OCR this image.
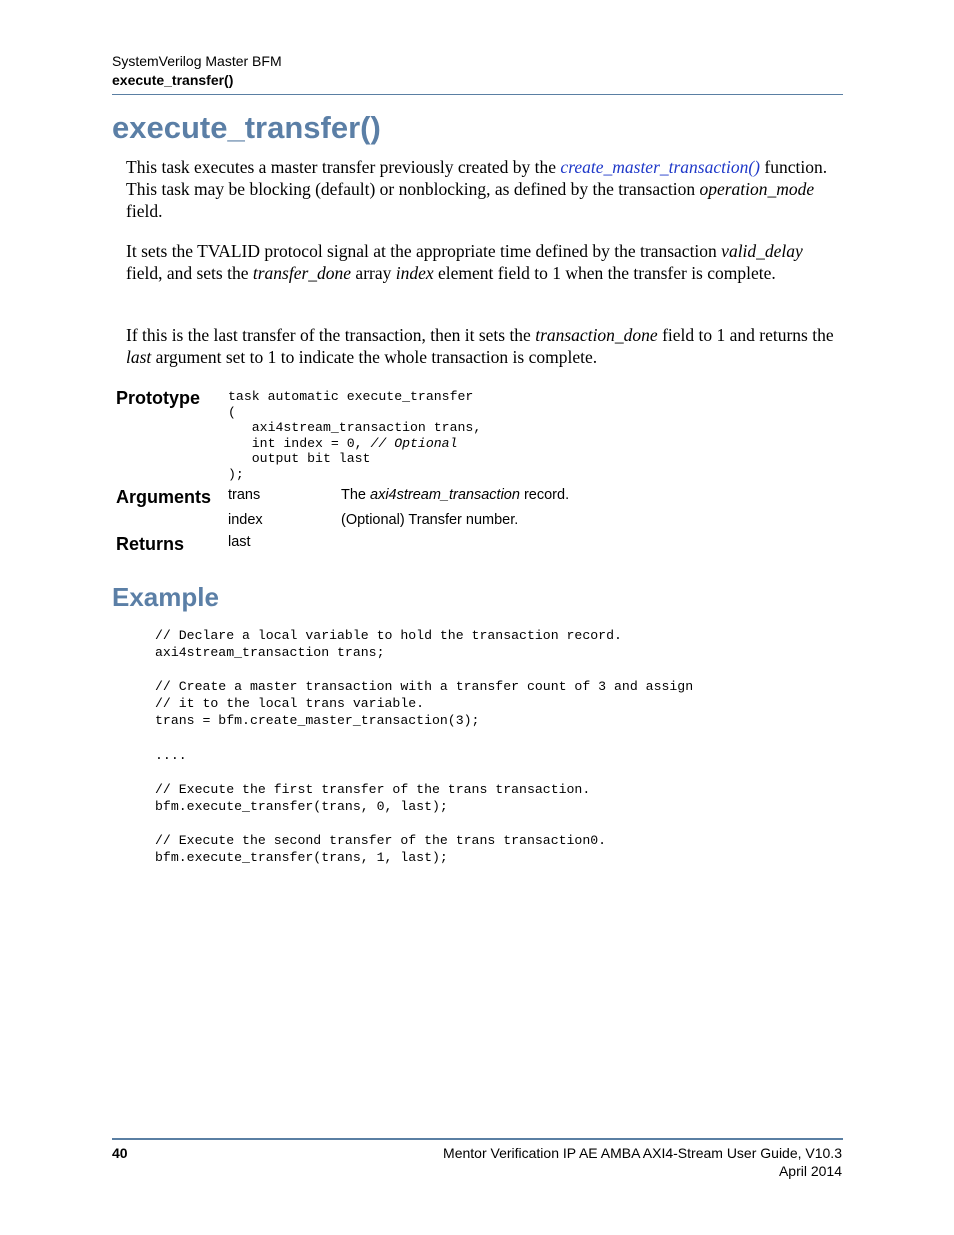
SystemVerilog Master BFM
execute_transfer()
execute_transfer()

This task executes a master transfer previously created by the create_master_transaction() function. This task may be blocking (default) or nonblocking, as defined by the transaction operation_mode field.

It sets the TVALID protocol signal at the appropriate time defined by the transaction valid_delay field, and sets the transfer_done array index element field to 1 when the transfer is complete.

If this is the last transfer of the transaction, then it sets the transaction_done field to 1 and returns the last argument set to 1 to indicate the whole transaction is complete.

Prototype task automatic execute_transfer
(
axi4stream_transaction trans,
int index = 0, // Optional
output bit last
);
Arguments trans	The axi4stream_transaction record.
index	(Optional) Transfer number.
Returns	last
Example
// Declare a local variable to hold the transaction record.
axi4stream_transaction trans;

// Create a master transaction with a transfer count of 3 and assign
// it to the local trans variable.
trans = bfm.create_master_transaction(3);

....

// Execute the first transfer of the trans transaction.
bfm.execute_transfer(trans, 0, last);

// Execute the second transfer of the trans transaction0.
bfm.execute_transfer(trans, 1, last);
40	Mentor Verification IP AE AMBA AXI4-Stream User Guide, V10.3
April 2014
